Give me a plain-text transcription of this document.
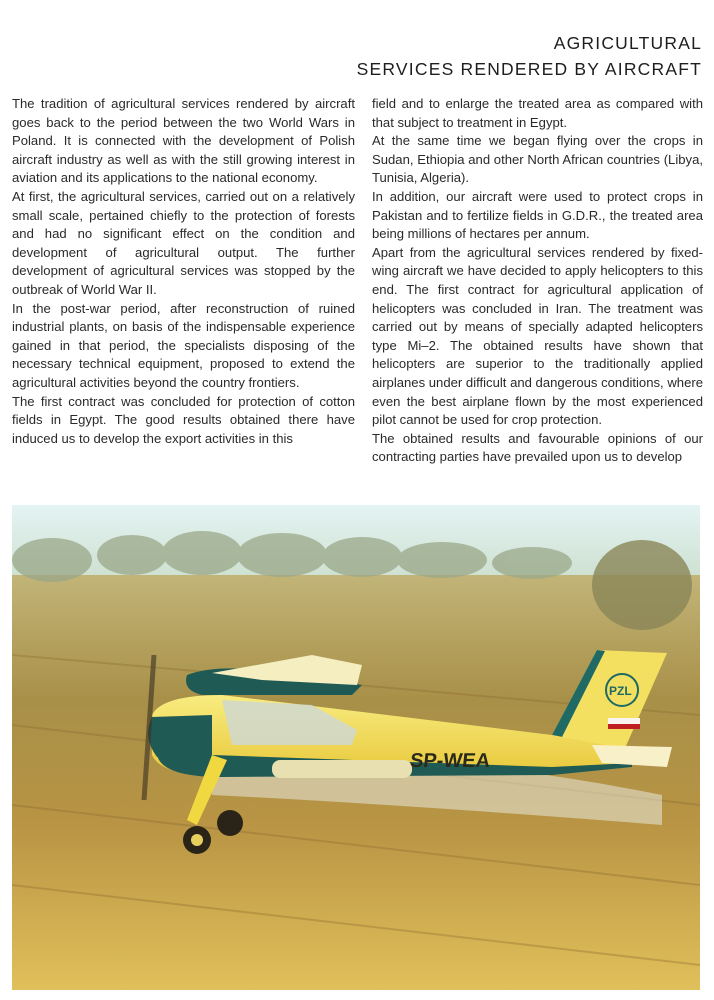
AGRICULTURAL
SERVICES RENDERED BY AIRCRAFT

The tradition of agricultural services rendered by aircraft goes back to the period between the two World Wars in Poland. It is connected with the development of Polish aircraft industry as well as with the still growing interest in aviation and its applications to the national economy.

At first, the agricultural services, carried out on a relatively small scale, pertained chiefly to the protection of forests and had no significant effect on the condition and development of agricultural output. The further development of agricultural services was stopped by the outbreak of World War II.

In the post-war period, after reconstruction of ruined industrial plants, on basis of the indispensable experience gained in that period, the specialists disposing of the necessary technical equipment, proposed to extend the agricultural activities beyond the country frontiers.

The first contract was concluded for protection of cotton fields in Egypt. The good results obtained there have induced us to develop the export activities in this

field and to enlarge the treated area as compared with that subject to treatment in Egypt.

At the same time we began flying over the crops in Sudan, Ethiopia and other North African countries (Libya, Tunisia, Algeria).

In addition, our aircraft were used to protect crops in Pakistan and to fertilize fields in G.D.R., the treated area being millions of hectares per annum.

Apart from the agricultural services rendered by fixed-wing aircraft we have decided to apply helicopters to this end. The first contract for agricultural application of helicopters was concluded in Iran. The treatment was carried out by means of specially adapted helicopters type Mi–2. The obtained results have shown that helicopters are superior to the traditionally applied airplanes under difficult and dangerous conditions, where even the best airplane flown by the most experienced pilot cannot be used for crop protection.

The obtained results and favourable opinions of our contracting parties have prevailed upon us to develop

SP-WEA
PZL
